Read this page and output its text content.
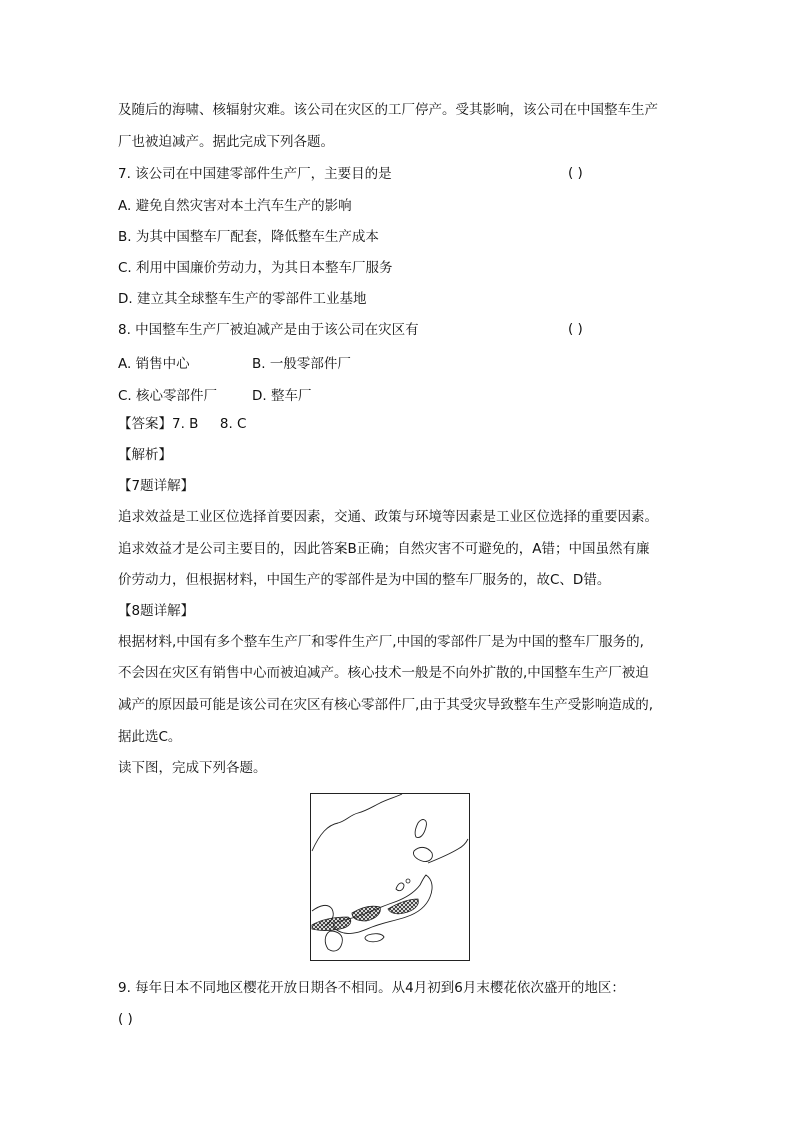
及随后的海啸、核辐射灾难。该公司在灾区的工厂停产。受其影响，该公司在中国整车生产
厂也被迫减产。据此完成下列各题。
7. 该公司在中国建零部件生产厂，主要目的是	( )
A. 避免自然灾害对本土汽车生产的影响
B. 为其中国整车厂配套，降低整车生产成本
C. 利用中国廉价劳动力，为其日本整车厂服务
D. 建立其全球整车生产的零部件工业基地
8. 中国整车生产厂被迫减产是由于该公司在灾区有	( )
A. 销售中心	B. 一般零部件厂
C. 核心零部件厂	D. 整车厂
【答案】7. B     8. C
【解析】
【7题详解】
追求效益是工业区位选择首要因素，交通、政策与环境等因素是工业区位选择的重要因素。
追求效益才是公司主要目的，因此答案B正确；自然灾害不可避免的，A错；中国虽然有廉
价劳动力，但根据材料，中国生产的零部件是为中国的整车厂服务的，故C、D错。
【8题详解】
根据材料,中国有多个整车生产厂和零件生产厂,中国的零部件厂是为中国的整车厂服务的,
不会因在灾区有销售中心而被迫减产。核心技术一般是不向外扩散的,中国整车生产厂被迫
减产的原因最可能是该公司在灾区有核心零部件厂,由于其受灾导致整车生产受影响造成的,
据此选C。
读下图，完成下列各题。
9. 每年日本不同地区樱花开放日期各不相同。从4月初到6月末樱花依次盛开的地区：
( )
